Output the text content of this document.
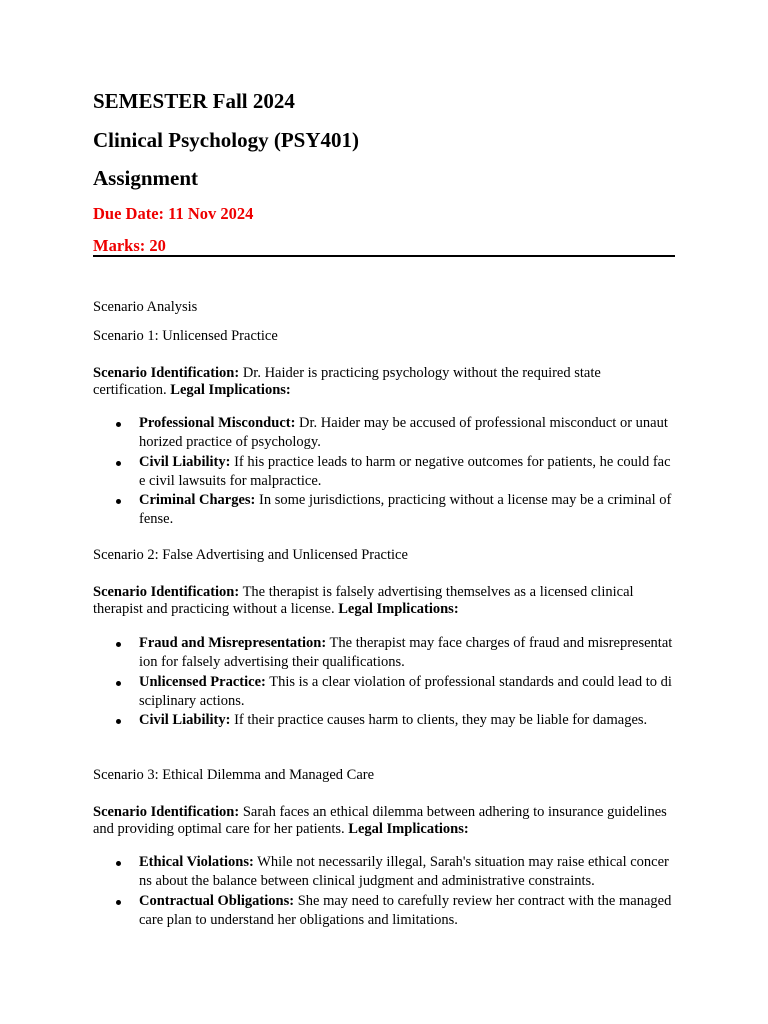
SEMESTER Fall 2024
Clinical Psychology (PSY401)
Assignment
Due Date: 11 Nov 2024
Marks: 20
Scenario Analysis
Scenario 1: Unlicensed Practice
Scenario Identification: Dr. Haider is practicing psychology without the required state certification. Legal Implications:
Professional Misconduct: Dr. Haider may be accused of professional misconduct or unauthorized practice of psychology.
Civil Liability: If his practice leads to harm or negative outcomes for patients, he could face civil lawsuits for malpractice.
Criminal Charges: In some jurisdictions, practicing without a license may be a criminal offense.
Scenario 2: False Advertising and Unlicensed Practice
Scenario Identification: The therapist is falsely advertising themselves as a licensed clinical therapist and practicing without a license. Legal Implications:
Fraud and Misrepresentation: The therapist may face charges of fraud and misrepresentation for falsely advertising their qualifications.
Unlicensed Practice: This is a clear violation of professional standards and could lead to disciplinary actions.
Civil Liability: If their practice causes harm to clients, they may be liable for damages.
Scenario 3: Ethical Dilemma and Managed Care
Scenario Identification: Sarah faces an ethical dilemma between adhering to insurance guidelines and providing optimal care for her patients. Legal Implications:
Ethical Violations: While not necessarily illegal, Sarah's situation may raise ethical concerns about the balance between clinical judgment and administrative constraints.
Contractual Obligations: She may need to carefully review her contract with the managed care plan to understand her obligations and limitations.
